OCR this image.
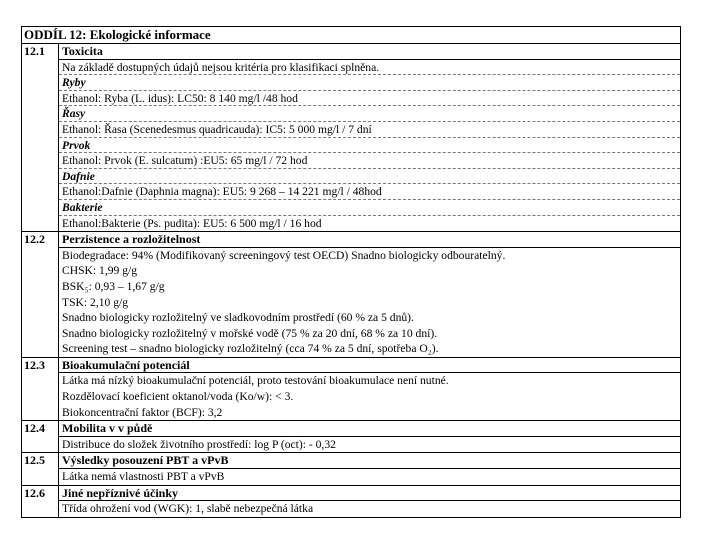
ODDÍL 12: Ekologické informace
12.1	Toxicita
Na základě dostupných údajů nejsou kritéria pro klasifikaci splněna.
Ryby
Ethanol: Ryba (L. idus): LC50: 8 140 mg/l /48 hod
Řasy
Ethanol: Řasa (Scenedesmus quadricauda): IC5: 5 000 mg/l / 7 dní
Prvok
Ethanol: Prvok (E. sulcatum) :EU5: 65 mg/l / 72 hod
Dafnie
Ethanol:Dafnie (Daphnia magna): EU5: 9 268 – 14 221 mg/l / 48hod
Bakterie
Ethanol:Bakterie (Ps. pudita): EU5: 6 500 mg/l / 16 hod
12.2	Perzistence a rozložitelnost
Biodegradace: 94% (Modifikovaný screeningový test OECD) Snadno biologicky odbouratelný.
CHSK: 1,99 g/g
BSK₅: 0,93 – 1,67 g/g
TSK: 2,10 g/g
Snadno biologicky rozložitelný ve sladkovodním prostředí (60 % za 5 dnů).
Snadno biologicky rozložitelný v mořské vodě (75 % za 20 dní, 68 % za 10 dní).
Screening test – snadno biologicky rozložitelný (cca 74 % za 5 dní, spotřeba O₂).
12.3	Bioakumulační potenciál
Látka má nízký bioakumulační potenciál, proto testování bioakumulace není nutné.
Rozdělovací koeficient oktanol/voda (Ko/w): < 3.
Biokoncentrační faktor (BCF): 3,2
12.4	Mobilita v v půdě
Distribuce do složek životního prostředí: log P (oct): - 0,32
12.5	Výsledky posouzení PBT a vPvB
Látka nemá vlastnosti PBT a vPvB
12.6	Jiné nepříznivé účinky
Třída ohrožení vod (WGK): 1, slabě nebezpečná látka
